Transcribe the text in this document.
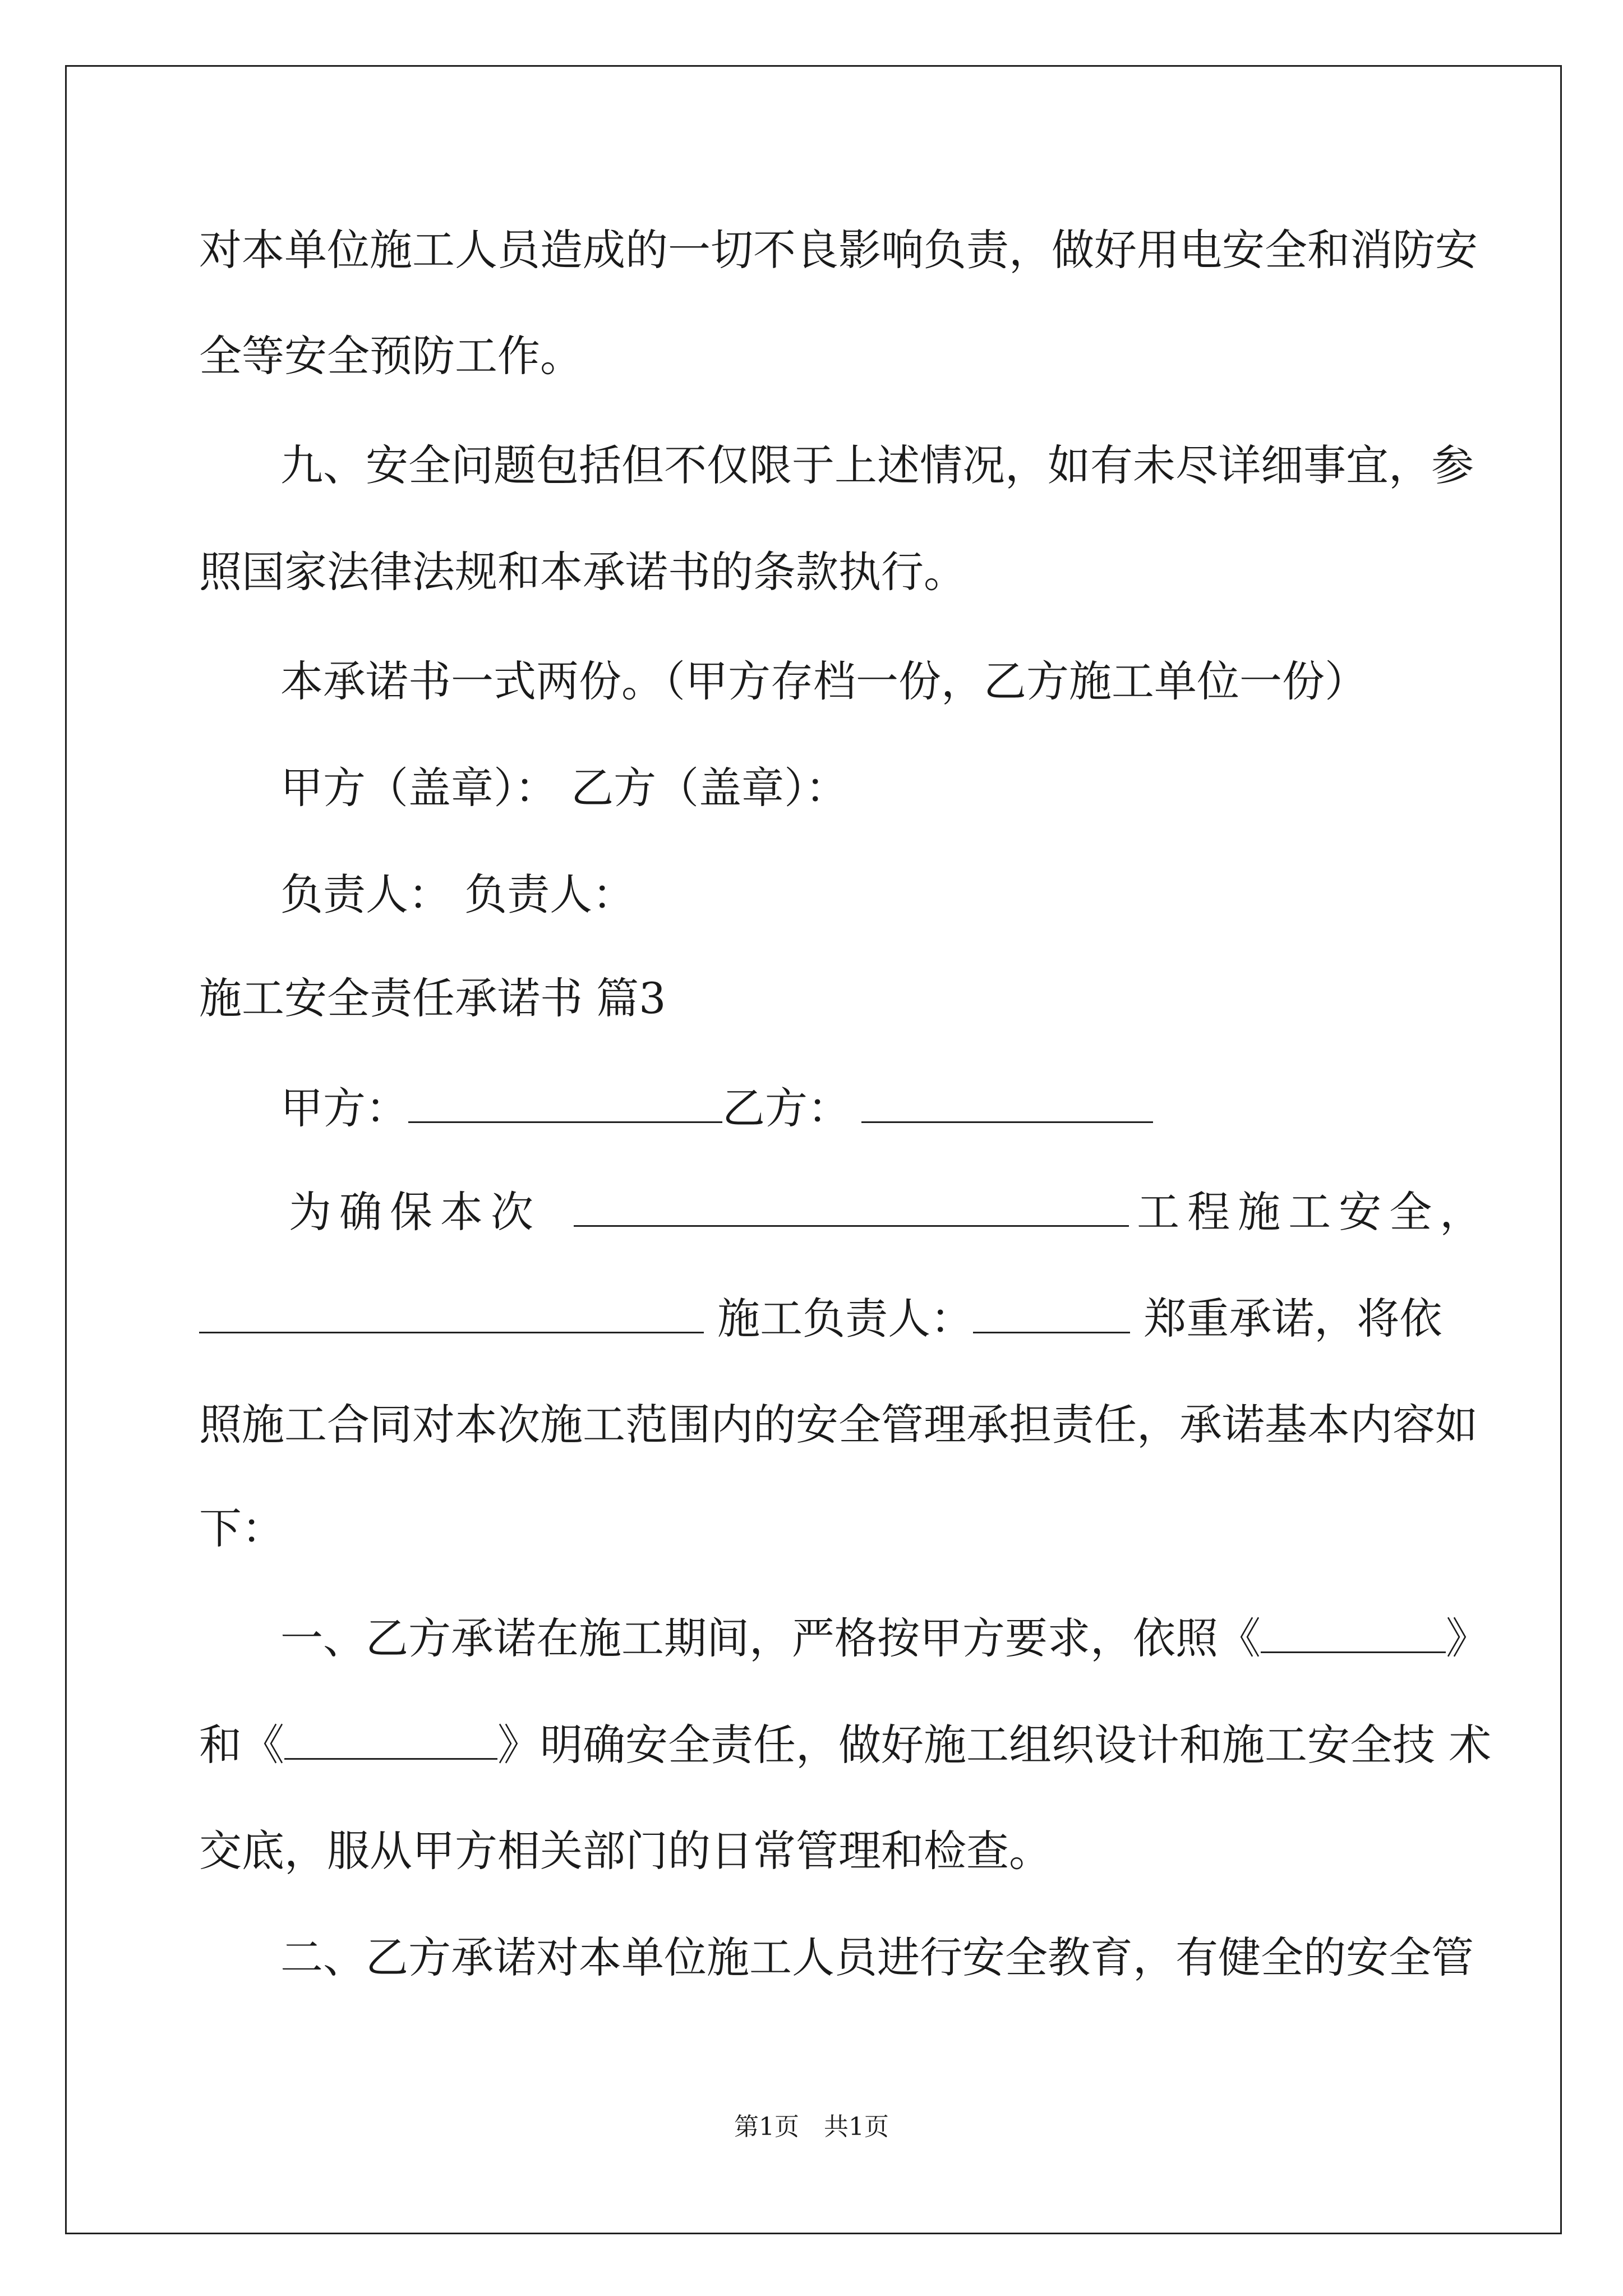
对本单位施工人员造成的一切不良影响负责，做好用电安全和消防安
全等安全预防工作。
九、安全问题包括但不仅限于上述情况，如有未尽详细事宜，参
照国家法律法规和本承诺书的条款执行。
本承诺书一式两份。（甲方存档一份，乙方施工单位一份）
甲方（盖章）： 乙方（盖章）：
负责人： 负责人：
施工安全责任承诺书 篇3
甲方：	乙方：
为确保本次	工程施工安全，
施工负责人：	郑重承诺，将依
照施工合同对本次施工范围内的安全管理承担责任，承诺基本内容如
下：
一、乙方承诺在施工期间，严格按甲方要求，依照《	》
和《	》明确安全责任，做好施工组织设计和施工安全技 术
交底，服从甲方相关部门的日常管理和检查。
二、乙方承诺对本单位施工人员进行安全教育，有健全的安全管
第1页　共1页
